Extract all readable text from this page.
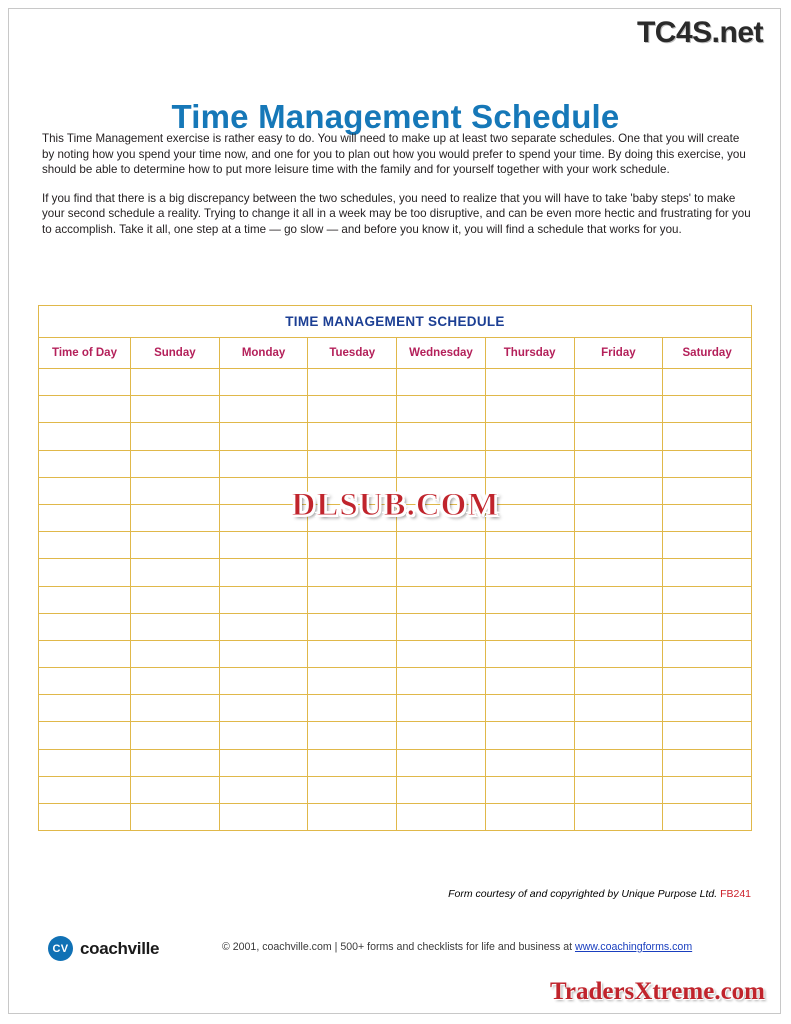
TC4S.net
Time Management Schedule

This Time Management exercise is rather easy to do. You will need to make up at least two separate schedules. One that you will create by noting how you spend your time now, and one for you to plan out how you would prefer to spend your time. By doing this exercise, you should be able to determine how to put more leisure time with the family and for yourself together with your work schedule.

If you find that there is a big discrepancy between the two schedules, you need to realize that you will have to take 'baby steps' to make your second schedule a reality. Trying to change it all in a week may be too disruptive, and can be even more hectic and frustrating for you to accomplish. Take it all, one step at a time — go slow — and before you know it, you will find a schedule that works for you.

TIME MANAGEMENT SCHEDULE							
Time of Day	Sunday	Monday	Tuesday	Wednesday	Thursday	Friday	Saturday

DLSUB.COM
Form courtesy of and copyrighted by Unique Purpose Ltd. FB241
CV coachville	© 2001, coachville.com | 500+ forms and checklists for life and business at www.coachingforms.com
TradersXtreme.com
